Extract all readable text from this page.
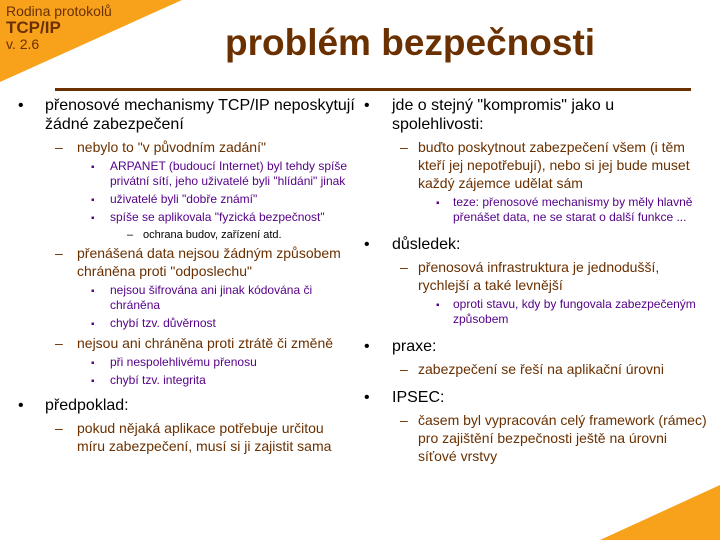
Rodina protokolů
TCP/IP
v. 2.6	problém bezpečnosti
• přenosové mechanismy TCP/IP neposkytují žádné zabezpečení
– nebylo to "v původním zadání"
▪ ARPANET (budoucí Internet) byl tehdy spíše privátní sítí, jeho uživatelé byli "hlídáni" jinak
▪ uživatelé byli "dobře známí"
▪ spíše se aplikovala "fyzická bezpečnost"
– ochrana budov, zařízení atd.
– přenášená data nejsou žádným způsobem chráněna proti "odposlechu"
▪ nejsou šifrována ani jinak kódována či chráněna
▪ chybí tzv. důvěrnost
– nejsou ani chráněna proti ztrátě či změně
▪ při nespolehlivému přenosu
▪ chybí tzv. integrita
• předpoklad:
– pokud nějaká aplikace potřebuje určitou míru zabezpečení, musí si ji zajistit sama
• jde o stejný "kompromis" jako u spolehlivosti:
– buďto poskytnout zabezpečení všem (i těm kteří jej nepotřebují), nebo si jej bude muset každý zájemce udělat sám
▪ teze: přenosové mechanismy by měly hlavně přenášet data, ne se starat o další funkce ...
• důsledek:
– přenosová infrastruktura je jednodušší, rychlejší a také levnější
▪ oproti stavu, kdy by fungovala zabezpečeným způsobem
• praxe:
– zabezpečení se řeší na aplikační úrovni
• IPSEC:
– časem byl vypracován celý framework (rámec) pro zajištění bezpečnosti ještě na úrovni síťové vrstvy
